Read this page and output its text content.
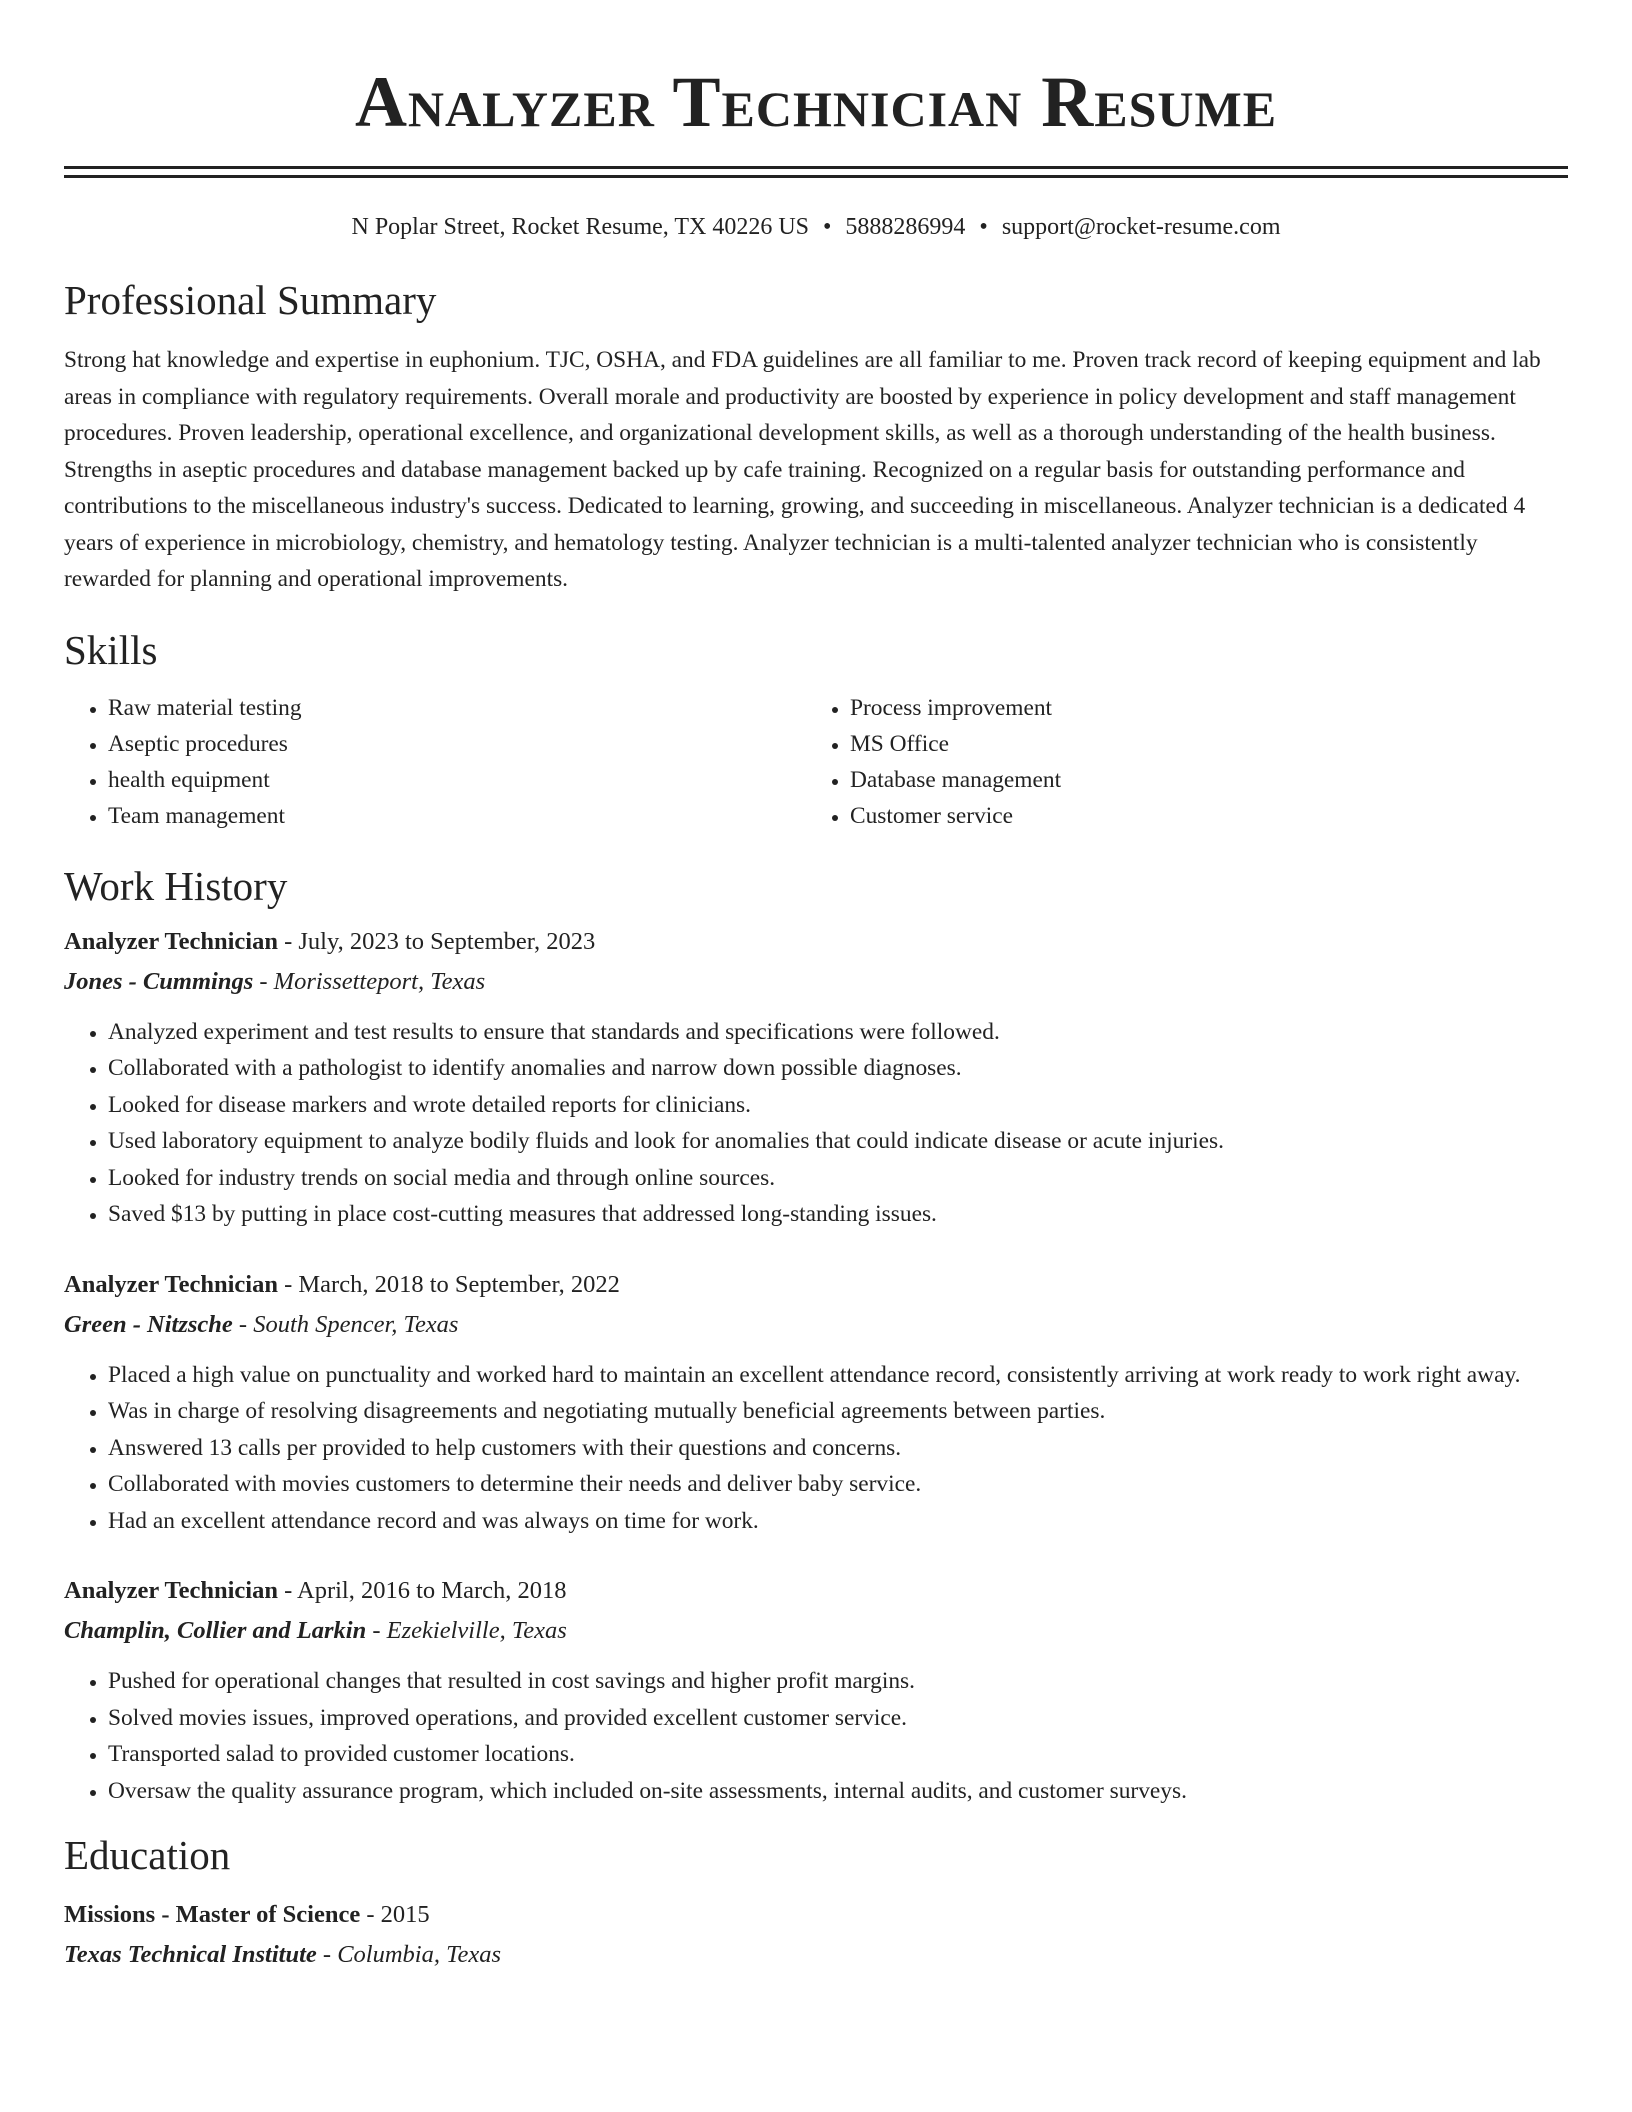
Analyzer Technician Resume
N Poplar Street, Rocket Resume, TX 40226 US • 5888286994 • support@rocket-resume.com
Professional Summary

Strong hat knowledge and expertise in euphonium. TJC, OSHA, and FDA guidelines are all familiar to me. Proven track record of keeping equipment and lab areas in compliance with regulatory requirements. Overall morale and productivity are boosted by experience in policy development and staff management procedures. Proven leadership, operational excellence, and organizational development skills, as well as a thorough understanding of the health business. Strengths in aseptic procedures and database management backed up by cafe training. Recognized on a regular basis for outstanding performance and contributions to the miscellaneous industry's success. Dedicated to learning, growing, and succeeding in miscellaneous. Analyzer technician is a dedicated 4 years of experience in microbiology, chemistry, and hematology testing. Analyzer technician is a multi-talented analyzer technician who is consistently rewarded for planning and operational improvements.

Skills
• Raw material testing
• Aseptic procedures
• health equipment
• Team management
• Process improvement
• MS Office
• Database management
• Customer service
Work History
Analyzer Technician - July, 2023 to September, 2023
Jones - Cummings - Morissetteport, Texas
• Analyzed experiment and test results to ensure that standards and specifications were followed.
• Collaborated with a pathologist to identify anomalies and narrow down possible diagnoses.
• Looked for disease markers and wrote detailed reports for clinicians.
• Used laboratory equipment to analyze bodily fluids and look for anomalies that could indicate disease or acute injuries.
• Looked for industry trends on social media and through online sources.
• Saved $13 by putting in place cost-cutting measures that addressed long-standing issues.
Analyzer Technician - March, 2018 to September, 2022
Green - Nitzsche - South Spencer, Texas
• Placed a high value on punctuality and worked hard to maintain an excellent attendance record, consistently arriving at work ready to work right away.
• Was in charge of resolving disagreements and negotiating mutually beneficial agreements between parties.
• Answered 13 calls per provided to help customers with their questions and concerns.
• Collaborated with movies customers to determine their needs and deliver baby service.
• Had an excellent attendance record and was always on time for work.
Analyzer Technician - April, 2016 to March, 2018
Champlin, Collier and Larkin - Ezekielville, Texas
• Pushed for operational changes that resulted in cost savings and higher profit margins.
• Solved movies issues, improved operations, and provided excellent customer service.
• Transported salad to provided customer locations.
• Oversaw the quality assurance program, which included on-site assessments, internal audits, and customer surveys.
Education
Missions - Master of Science - 2015
Texas Technical Institute - Columbia, Texas
